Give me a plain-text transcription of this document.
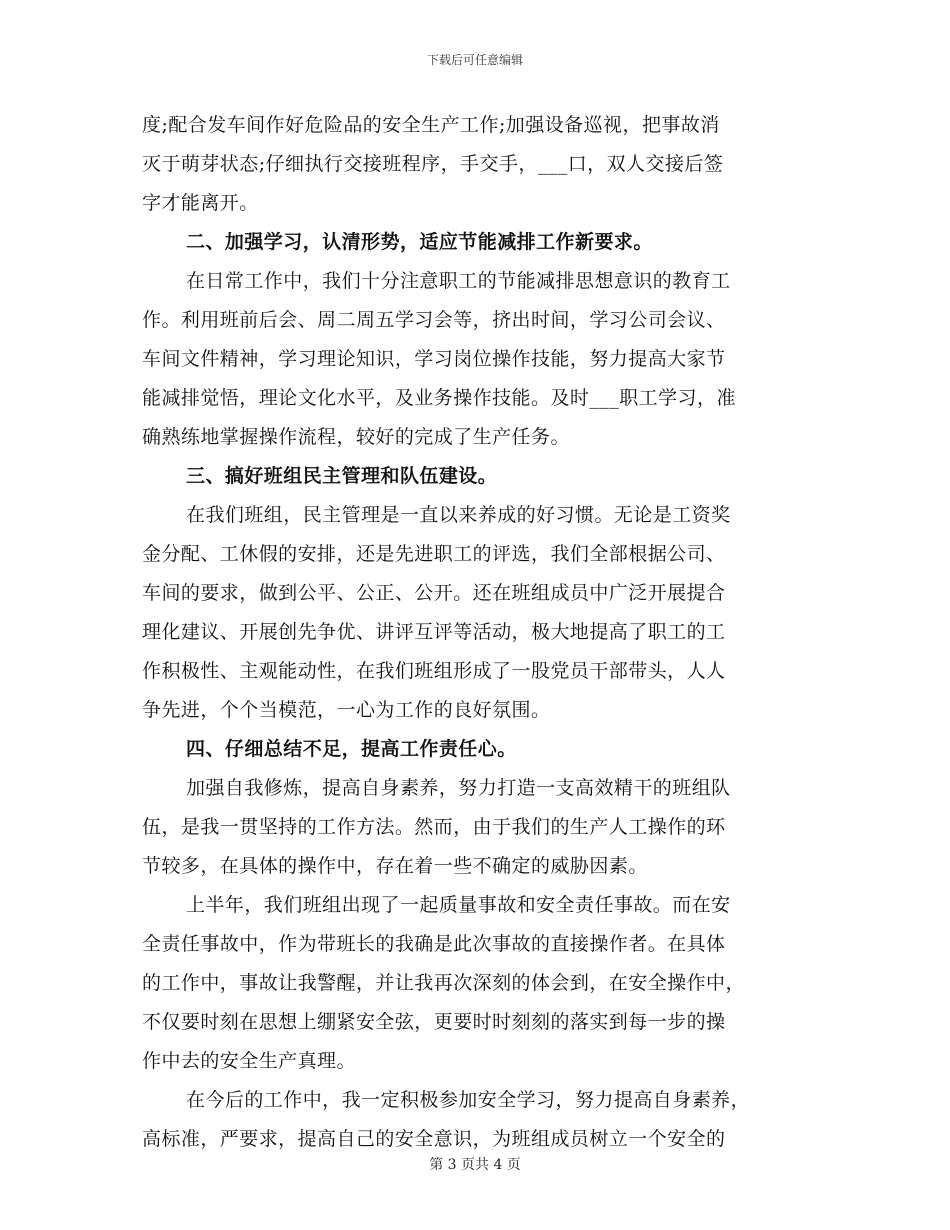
下载后可任意编辑
度;配合发车间作好危险品的安全生产工作;加强设备巡视，把事故消
灭于萌芽状态;仔细执行交接班程序，手交手，___口，双人交接后签
字才能离开。
二、加强学习，认清形势，适应节能减排工作新要求。
在日常工作中，我们十分注意职工的节能减排思想意识的教育工
作。利用班前后会、周二周五学习会等，挤出时间，学习公司会议、
车间文件精神，学习理论知识，学习岗位操作技能，努力提高大家节
能减排觉悟，理论文化水平，及业务操作技能。及时___职工学习，准
确熟练地掌握操作流程，较好的完成了生产任务。
三、搞好班组民主管理和队伍建设。
在我们班组，民主管理是一直以来养成的好习惯。无论是工资奖
金分配、工休假的安排，还是先进职工的评选，我们全部根据公司、
车间的要求，做到公平、公正、公开。还在班组成员中广泛开展提合
理化建议、开展创先争优、讲评互评等活动，极大地提高了职工的工
作积极性、主观能动性，在我们班组形成了一股党员干部带头，人人
争先进，个个当模范，一心为工作的良好氛围。
四、仔细总结不足，提高工作责任心。
加强自我修炼，提高自身素养，努力打造一支高效精干的班组队
伍，是我一贯坚持的工作方法。然而，由于我们的生产人工操作的环
节较多，在具体的操作中，存在着一些不确定的威胁因素。
上半年，我们班组出现了一起质量事故和安全责任事故。而在安
全责任事故中，作为带班长的我确是此次事故的直接操作者。在具体
的工作中，事故让我警醒，并让我再次深刻的体会到，在安全操作中，
不仅要时刻在思想上绷紧安全弦，更要时时刻刻的落实到每一步的操
作中去的安全生产真理。
在今后的工作中，我一定积极参加安全学习，努力提高自身素养，
高标准，严要求，提高自己的安全意识，为班组成员树立一个安全的
第 3 页共 4 页
